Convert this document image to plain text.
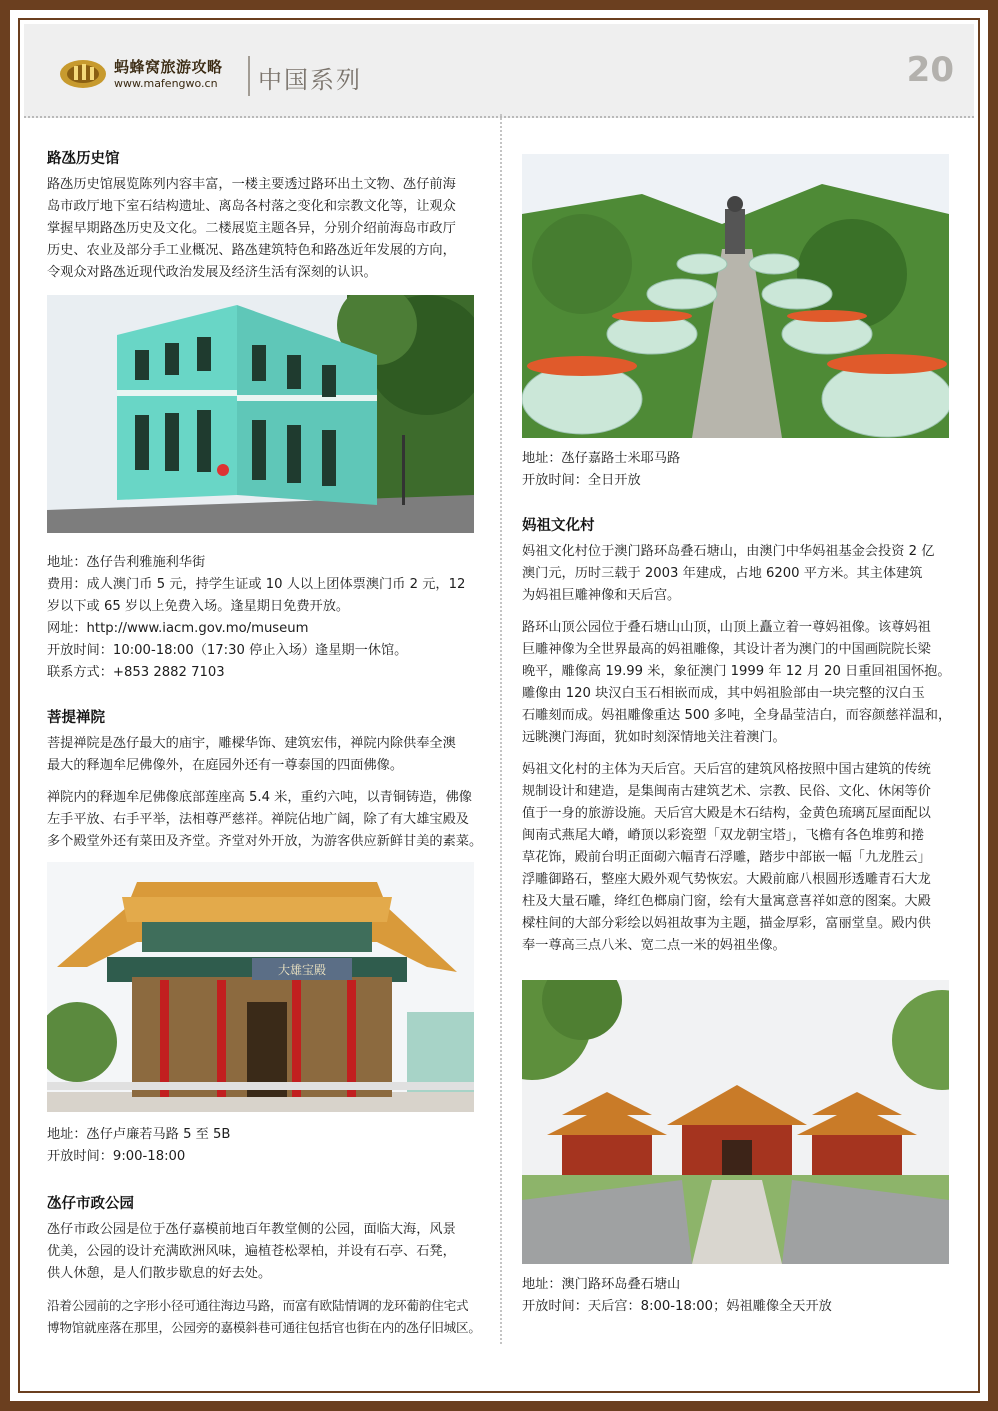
蚂蜂窝旅游攻略
www.mafengwo.cn 中国系列	20

路氹历史馆

路氹历史馆展览陈列内容丰富，一楼主要透过路环出土文物、氹仔前海

岛市政厅地下室石结构遗址、离岛各村落之变化和宗教文化等，让观众

掌握早期路氹历史及文化。二楼展览主题各异，分别介绍前海岛市政厅

历史、农业及部分手工业概况、路氹建筑特色和路氹近年发展的方向，

令观众对路氹近现代政治发展及经济生活有深刻的认识。

地址：氹仔告利雅施利华街

费用：成人澳门币 5 元，持学生证或 10 人以上团体票澳门币 2 元，12

岁以下或 65 岁以上免费入场。逢星期日免费开放。

网址：http://www.iacm.gov.mo/museum

开放时间：10:00-18:00（17:30 停止入场）逢星期一休馆。

联系方式：+853 2882 7103

菩提禅院

菩提禅院是氹仔最大的庙宇，雕樑华饰、建筑宏伟，禅院内除供奉全澳

最大的释迦牟尼佛像外，在庭园外还有一尊泰国的四面佛像。

禅院内的释迦牟尼佛像底部莲座高 5.4 米，重约六吨，以青铜铸造，佛像

左手平放、右手平举，法相尊严慈祥。禅院佔地广阔，除了有大雄宝殿及

多个殿堂外还有菜田及齐堂。齐堂对外开放，为游客供应新鲜甘美的素菜。

大雄宝殿

地址：氹仔卢廉若马路 5 至 5B

开放时间：9:00-18:00

氹仔市政公园

氹仔市政公园是位于氹仔嘉模前地百年教堂侧的公园，面临大海，风景

优美，公园的设计充满欧洲风味，遍植苍松翠柏，并设有石亭、石凳，

供人休憩，是人们散步歇息的好去处。

沿着公园前的之字形小径可通往海边马路，而富有欧陆情调的龙环葡韵住宅式

博物馆就座落在那里，公园旁的嘉模斜巷可通往包括官也街在内的氹仔旧城区。

地址：氹仔嘉路士米耶马路

开放时间：全日开放

妈祖文化村

妈祖文化村位于澳门路环岛叠石塘山，由澳门中华妈祖基金会投资 2 亿

澳门元，历时三载于 2003 年建成，占地 6200 平方米。其主体建筑

为妈祖巨雕神像和天后宫。

路环山顶公园位于叠石塘山山顶，山顶上矗立着一尊妈祖像。该尊妈祖

巨雕神像为全世界最高的妈祖雕像，其设计者为澳门的中国画院院长梁

晚平，雕像高 19.99 米，象征澳门 1999 年 12 月 20 日重回祖国怀抱。

雕像由 120 块汉白玉石相嵌而成，其中妈祖脸部由一块完整的汉白玉

石雕刻而成。妈祖雕像重达 500 多吨，全身晶莹洁白，而容颜慈祥温和，

远眺澳门海面，犹如时刻深情地关注着澳门。

妈祖文化村的主体为天后宫。天后宫的建筑风格按照中国古建筑的传统

规制设计和建造，是集闽南古建筑艺术、宗教、民俗、文化、休闲等价

值于一身的旅游设施。天后宫大殿是木石结构，金黄色琉璃瓦屋面配以

闽南式燕尾大嵴，嵴顶以彩瓷塑「双龙朝宝塔」，飞檐有各色堆剪和捲

草花饰，殿前台明正面砌六幅青石浮雕，踏步中部嵌一幅「九龙胜云」

浮雕御路石，整座大殿外观气势恢宏。大殿前廊八根圆形透雕青石大龙

柱及大量石雕，绛红色榔扇门窗，绘有大量寓意喜祥如意的图案。大殿

樑柱间的大部分彩绘以妈祖故事为主题，描金厚彩，富丽堂皇。殿内供

奉一尊高三点八米、宽二点一米的妈祖坐像。

地址：澳门路环岛叠石塘山

开放时间：天后宫：8:00-18:00；妈祖雕像全天开放
